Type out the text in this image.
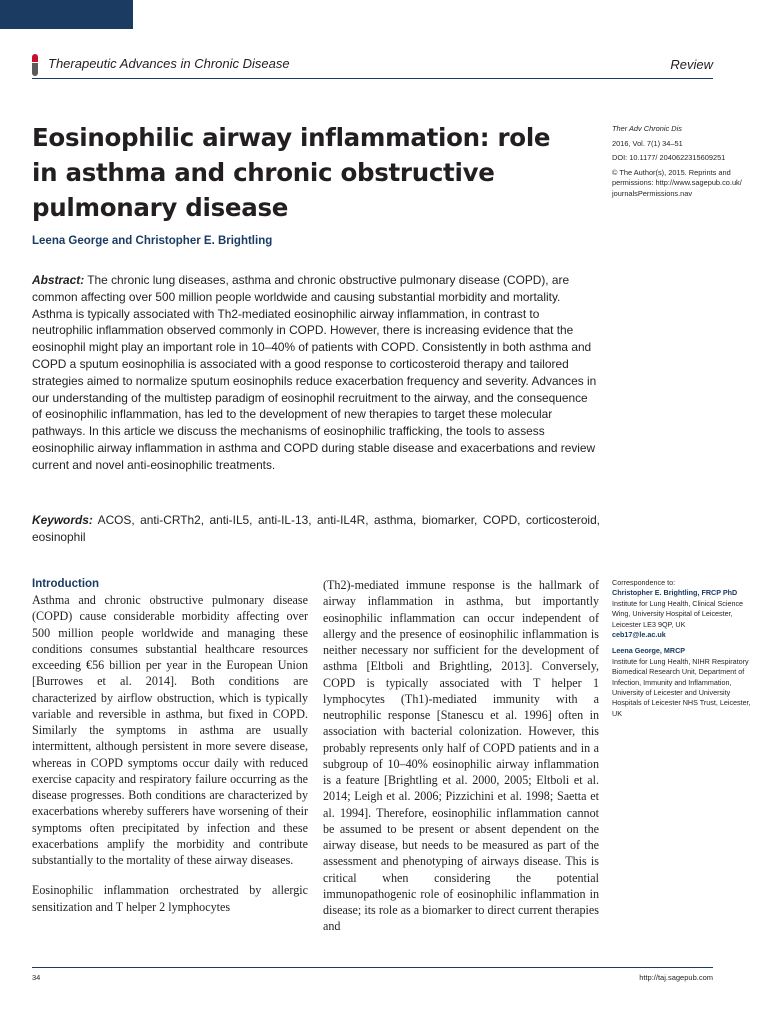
Therapeutic Advances in Chronic Disease	Review
Eosinophilic airway inflammation: role in asthma and chronic obstructive pulmonary disease
Leena George and Christopher E. Brightling

Ther Adv Chronic Dis

2016, Vol. 7(1) 34–51

DOI: 10.1177/ 2040622315609251

© The Author(s), 2015. Reprints and permissions: http://www.sagepub.co.uk/ journalsPermissions.nav

Abstract: The chronic lung diseases, asthma and chronic obstructive pulmonary disease (COPD), are common affecting over 500 million people worldwide and causing substantial morbidity and mortality. Asthma is typically associated with Th2-mediated eosinophilic airway inflammation, in contrast to neutrophilic inflammation observed commonly in COPD. However, there is increasing evidence that the eosinophil might play an important role in 10–40% of patients with COPD. Consistently in both asthma and COPD a sputum eosinophilia is associated with a good response to corticosteroid therapy and tailored strategies aimed to normalize sputum eosinophils reduce exacerbation frequency and severity. Advances in our understanding of the multistep paradigm of eosinophil recruitment to the airway, and the consequence of eosinophilic inflammation, has led to the development of new therapies to target these molecular pathways. In this article we discuss the mechanisms of eosinophilic trafficking, the tools to assess eosinophilic airway inflammation in asthma and COPD during stable disease and exacerbations and review current and novel anti-eosinophilic treatments.
Keywords: ACOS, anti-CRTh2, anti-IL5, anti-IL-13, anti-IL4R, asthma, biomarker, COPD, corticosteroid, eosinophil
Introduction

Asthma and chronic obstructive pulmonary disease (COPD) cause considerable morbidity affecting over 500 million people worldwide and managing these conditions consumes substantial healthcare resources exceeding €56 billion per year in the European Union [Burrowes et al. 2014]. Both conditions are characterized by airflow obstruction, which is typically variable and reversible in asthma, but fixed in COPD. Similarly the symptoms in asthma are usually intermittent, although persistent in more severe disease, whereas in COPD symptoms occur daily with reduced exercise capacity and respiratory failure occurring as the disease progresses. Both conditions are characterized by exacerbations whereby sufferers have worsening of their symptoms often precipitated by infection and these exacerbations amplify the morbidity and contribute substantially to the mortality of these airway diseases.

Eosinophilic inflammation orchestrated by allergic sensitization and T helper 2 lymphocytes

(Th2)-mediated immune response is the hallmark of airway inflammation in asthma, but importantly eosinophilic inflammation can occur independent of allergy and the presence of eosinophilic inflammation is neither necessary nor sufficient for the development of asthma [Eltboli and Brightling, 2013]. Conversely, COPD is typically associated with T helper 1 lymphocytes (Th1)-mediated immunity with a neutrophilic response [Stanescu et al. 1996] often in association with bacterial colonization. However, this probably represents only half of COPD patients and in a subgroup of 10–40% eosinophilic airway inflammation is a feature [Brightling et al. 2000, 2005; Eltboli et al. 2014; Leigh et al. 2006; Pizzichini et al. 1998; Saetta et al. 1994]. Therefore, eosinophilic inflammation cannot be assumed to be present or absent dependent on the airway disease, but needs to be measured as part of the assessment and phenotyping of airways disease. This is critical when considering the potential immunopathogenic role of eosinophilic inflammation in disease; its role as a biomarker to direct current therapies and

Correspondence to:
Christopher E. Brightling, FRCP PhD
Institute for Lung Health, Clinical Science Wing, University Hospital of Leicester, Leicester LE3 9QP, UK
ceb17@le.ac.uk

Leena George, MRCP
Institute for Lung Health, NIHR Respiratory Biomedical Research Unit, Department of Infection, Immunity and Inflammation, University of Leicester and University Hospitals of Leicester NHS Trust, Leicester, UK

34	http://taj.sagepub.com
